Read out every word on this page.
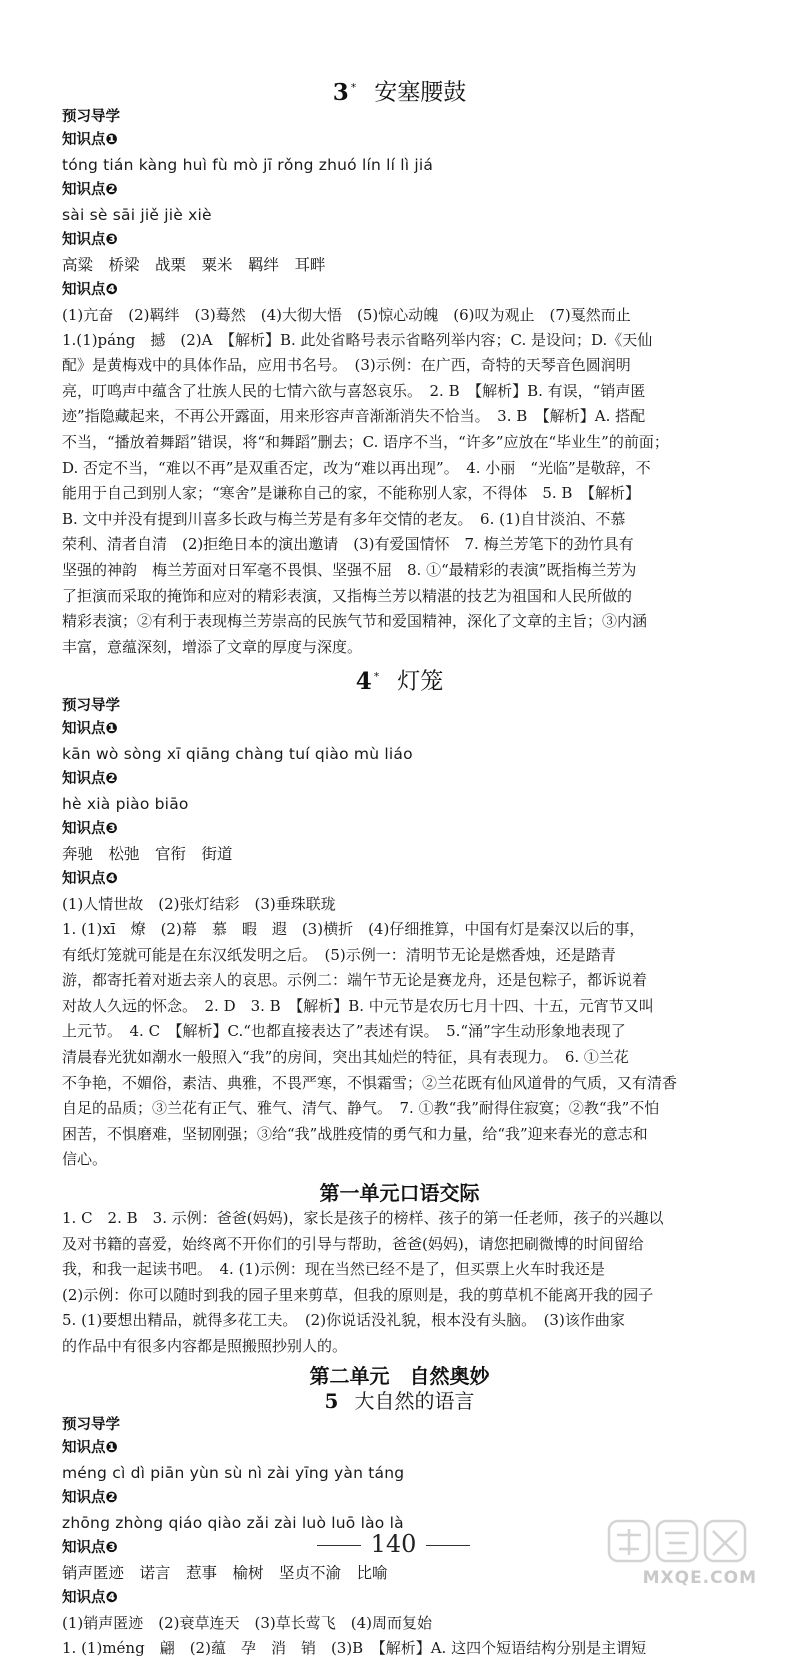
3 * 安塞腰鼓
预习导学
知识点❶
tóng tián kàng huì fù mò jī rǒng zhuó lín lí lì jiá
知识点❷
sài sè sāi jiě jiè xiè
知识点❸
高粱　桥梁　战栗　粟米　羁绊　耳畔
知识点❹
(1)亢奋　(2)羁绊　(3)蓦然　(4)大彻大悟　(5)惊心动魄　(6)叹为观止　(7)戛然而止
1.(1)páng　撼　(2)A　【解析】B. 此处省略号表示省略列举内容；C. 是设问；D.《天仙
配》是黄梅戏中的具体作品，应用书名号。　(3)示例：在广西，奇特的天琴音色圆润明
亮，叮鸣声中蕴含了壮族人民的七情六欲与喜怒哀乐。　2. B　【解析】B. 有误，“销声匿
迹”指隐藏起来，不再公开露面，用来形容声音渐渐消失不恰当。　3. B　【解析】A. 搭配
不当，“播放着舞蹈”错误，将“和舞蹈”删去；C. 语序不当，“许多”应放在“毕业生”的前面；
D. 否定不当，“难以不再”是双重否定，改为“难以再出现”。　4. 小丽　“光临”是敬辞，不
能用于自己到别人家；“寒舍”是谦称自己的家，不能称别人家，不得体　5. B　【解析】
B. 文中并没有提到川喜多长政与梅兰芳是有多年交情的老友。　6. (1)自甘淡泊、不慕
荣利、清者自清　(2)拒绝日本的演出邀请　(3)有爱国情怀　7. 梅兰芳笔下的劲竹具有
坚强的神韵　梅兰芳面对日军毫不畏惧、坚强不屈　8. ①“最精彩的表演”既指梅兰芳为
了拒演而采取的掩饰和应对的精彩表演，又指梅兰芳以精湛的技艺为祖国和人民所做的
精彩表演；②有利于表现梅兰芳崇高的民族气节和爱国精神，深化了文章的主旨；③内涵
丰富，意蕴深刻，增添了文章的厚度与深度。
4 * 灯笼
预习导学
知识点❶
kān wò sòng xī qiāng chàng tuí qiào mù liáo
知识点❷
hè xià piào biāo
知识点❸
奔驰　松弛　官衔　街道
知识点❹
(1)人情世故　(2)张灯结彩　(3)垂珠联珑
1. (1)xī　燎　(2)幕　慕　暇　遐　(3)横折　(4)仔细推算，中国有灯是秦汉以后的事，
有纸灯笼就可能是在东汉纸发明之后。　(5)示例一：清明节无论是燃香烛，还是踏青
游，都寄托着对逝去亲人的哀思。示例二：端午节无论是赛龙舟，还是包粽子，都诉说着
对故人久远的怀念。　2. D　3. B　【解析】B. 中元节是农历七月十四、十五，元宵节又叫
上元节。　4. C　【解析】C.“也都直接表达了”表述有误。　5.“涌”字生动形象地表现了
清晨春光犹如潮水一般照入“我”的房间，突出其灿烂的特征，具有表现力。　6. ①兰花
不争艳，不媚俗，素洁、典雅，不畏严寒，不惧霜雪；②兰花既有仙风道骨的气质，又有清香
自足的品质；③兰花有正气、雅气、清气、静气。　7. ①教“我”耐得住寂寞；②教“我”不怕
困苦，不惧磨难，坚韧刚强；③给“我”战胜疫情的勇气和力量，给“我”迎来春光的意志和
信心。
第一单元口语交际
1. C　2. B　3. 示例：爸爸(妈妈)，家长是孩子的榜样、孩子的第一任老师，孩子的兴趣以
及对书籍的喜爱，始终离不开你们的引导与帮助，爸爸(妈妈)，请您把刷微博的时间留给
我，和我一起读书吧。　4. (1)示例：现在当然已经不是了，但买票上火车时我还是
(2)示例：你可以随时到我的园子里来剪草，但我的原则是，我的剪草机不能离开我的园子
5. (1)要想出精品，就得多花工夫。　(2)你说话没礼貌，根本没有头脑。　(3)该作曲家
的作品中有很多内容都是照搬照抄别人的。
第二单元　自然奥妙
5 大自然的语言
预习导学
知识点❶
méng cì dì piān yùn sù nì zài yīng yàn táng
知识点❷
zhōng zhòng qiáo qiào zǎi zài luò luō lào là
知识点❸
销声匿迹　诺言　惹事　榆树　坚贞不渝　比喻
知识点❹
(1)销声匿迹　(2)衰草连天　(3)草长莺飞　(4)周而复始
1. (1)méng　翩　(2)蕴　孕　消　销　(3)B　【解析】A. 这四个短语结构分别是主谓短
140
MXQE.COM
